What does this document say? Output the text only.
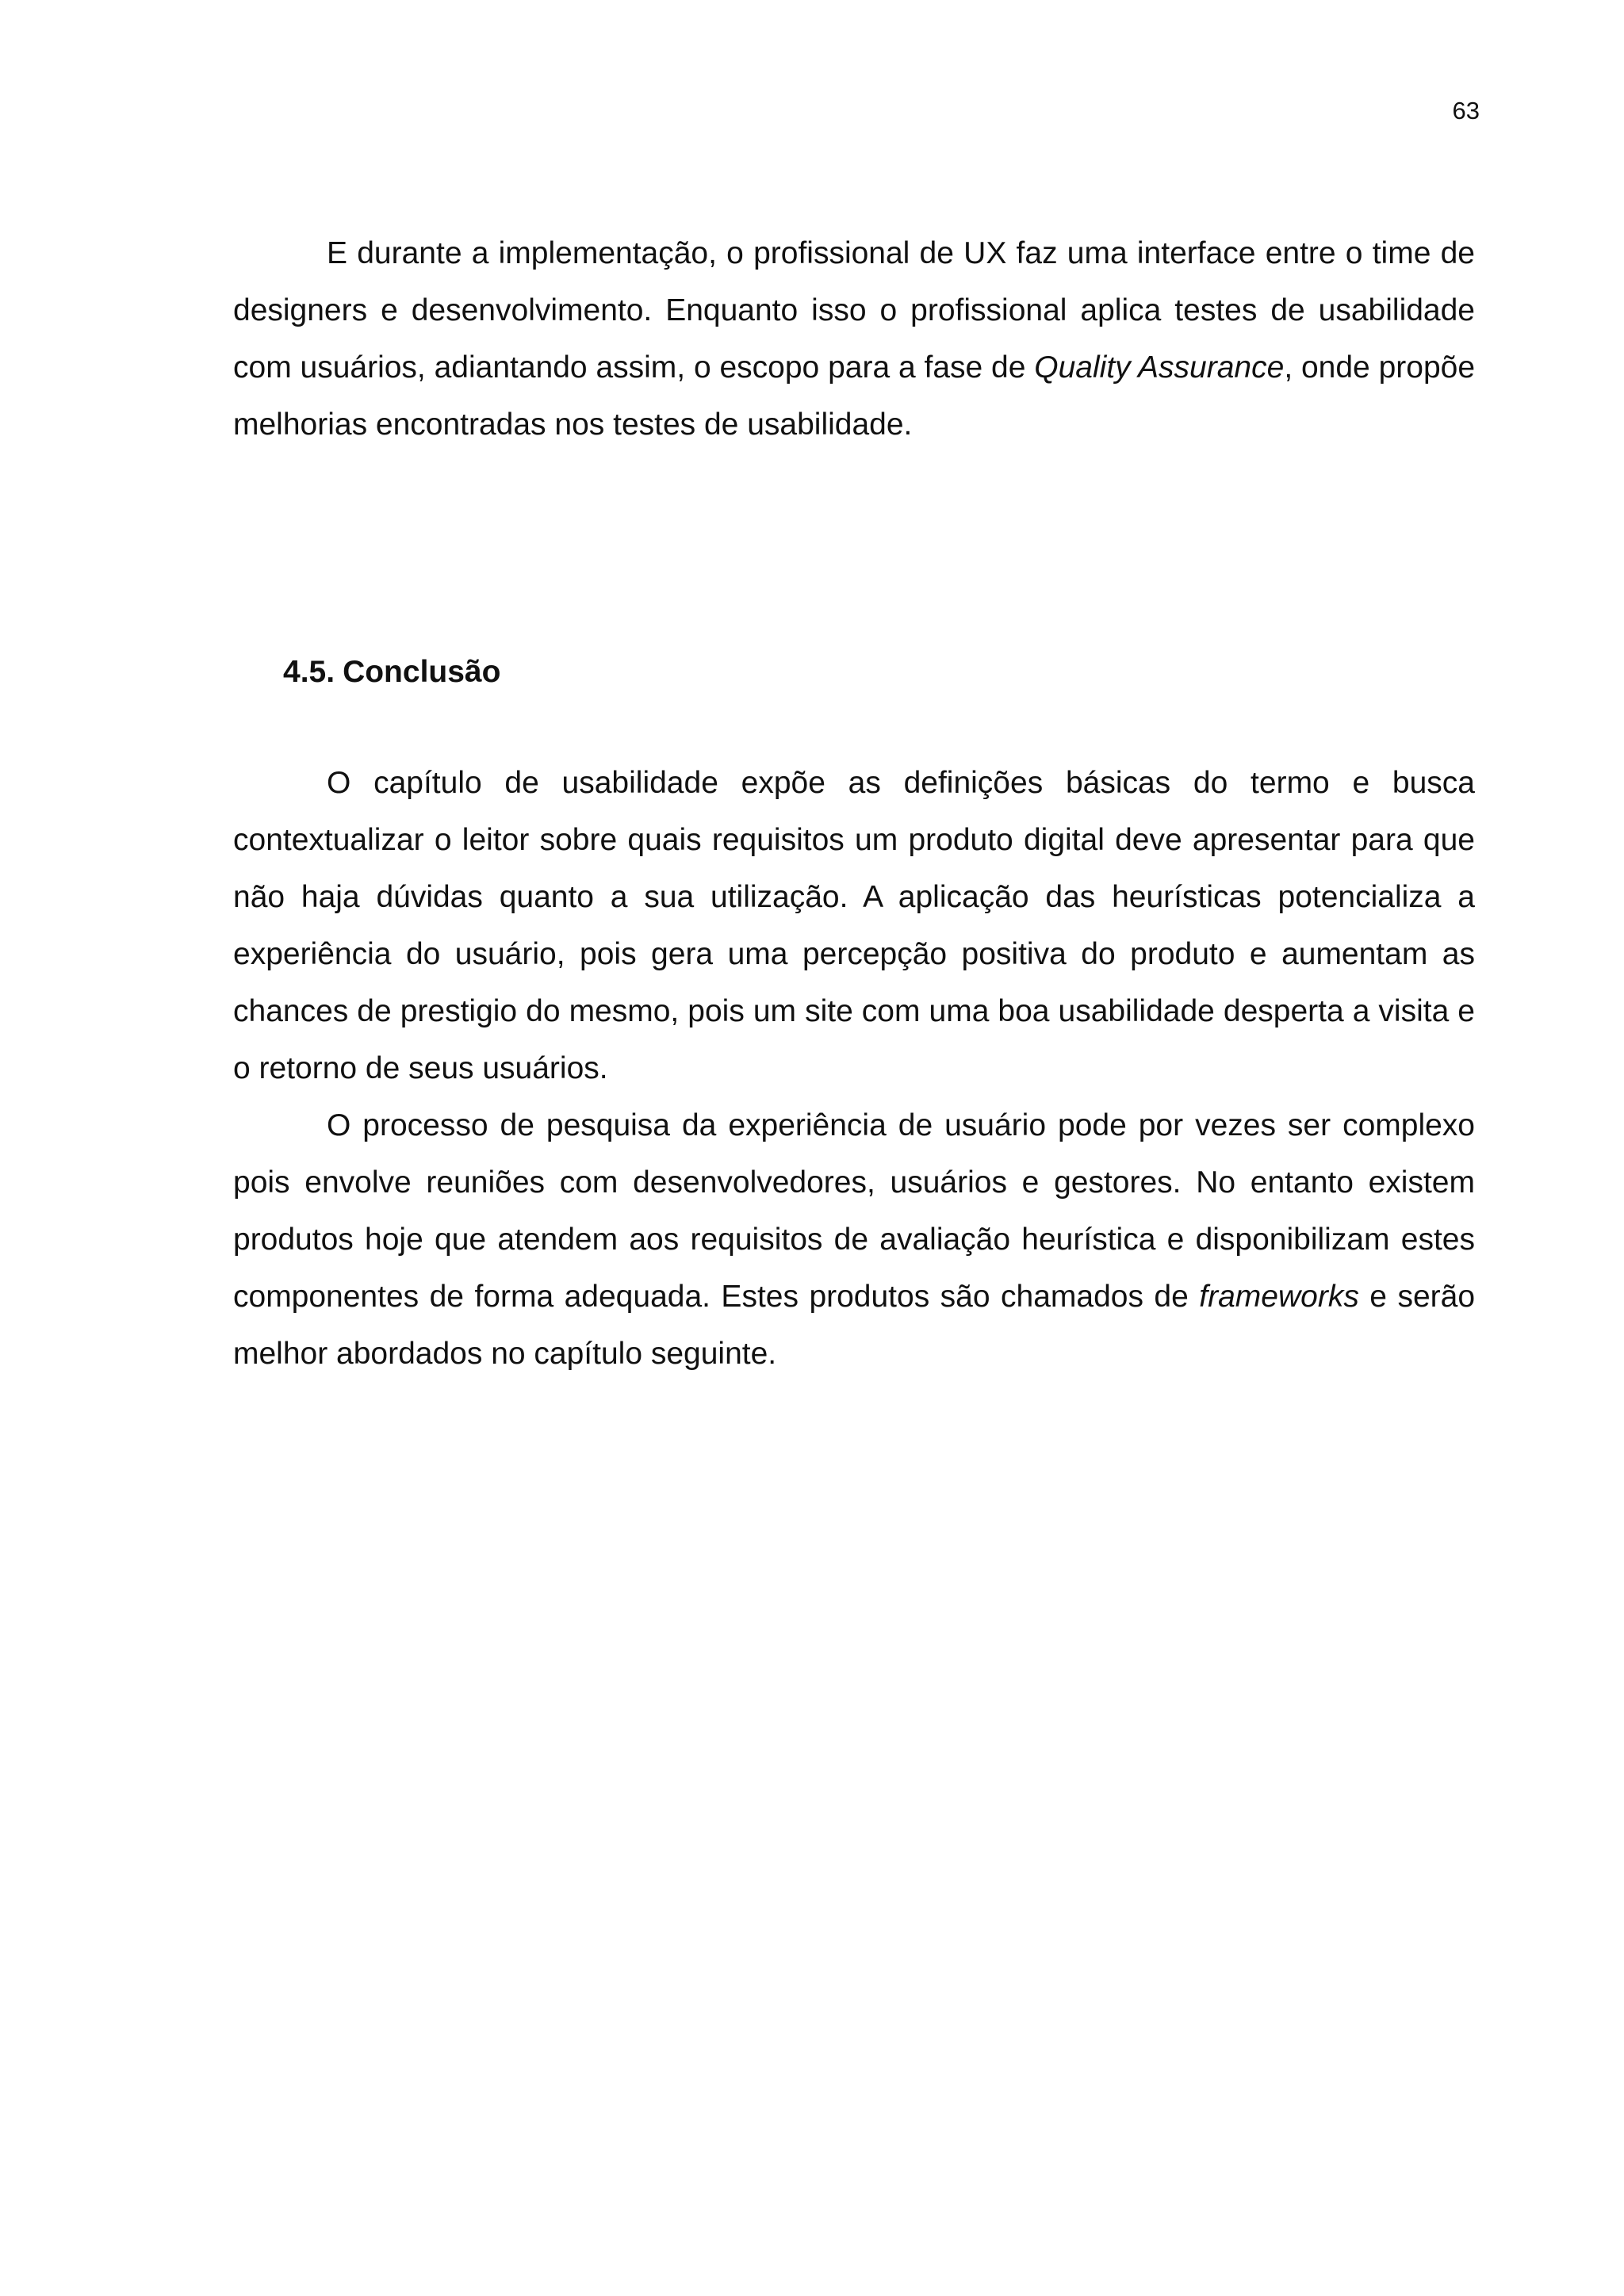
63

E durante a implementação, o profissional de UX faz uma interface entre o time de designers e desenvolvimento. Enquanto isso o profissional aplica testes de usabilidade com usuários, adiantando assim, o escopo para a fase de Quality Assurance, onde propõe melhorias encontradas nos testes de usabilidade.

4.5. Conclusão

O capítulo de usabilidade expõe as definições básicas do termo e busca contextualizar o leitor sobre quais requisitos um produto digital deve apresentar para que não haja dúvidas quanto a sua utilização. A aplicação das heurísticas potencializa a experiência do usuário, pois gera uma percepção positiva do produto e aumentam as chances de prestigio do mesmo, pois um site com uma boa usabilidade desperta a visita e o retorno de seus usuários.

O processo de pesquisa da experiência de usuário pode por vezes ser complexo pois envolve reuniões com desenvolvedores, usuários e gestores. No entanto existem produtos hoje que atendem aos requisitos de avaliação heurística e disponibilizam estes componentes de forma adequada. Estes produtos são chamados de frameworks e serão melhor abordados no capítulo seguinte.
